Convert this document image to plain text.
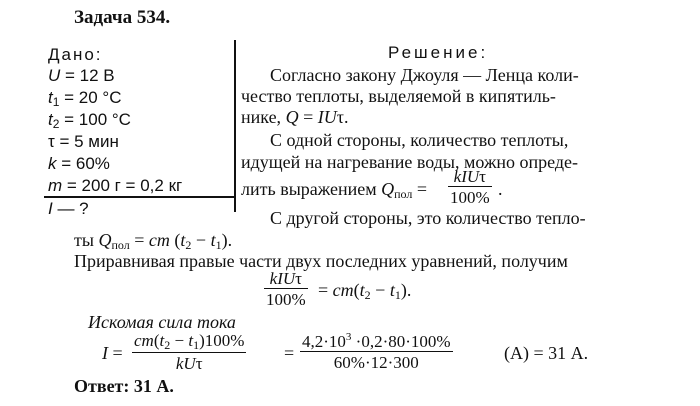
Задача 534.
Дано:
U = 12 В
$t_1 = 20$ °C
$t_2 = 100$ °C
τ = 5 мин
k = 60%
m = 200 г = 0,2 кг
I — ?
Решение:
Согласно закону Джоуля — Ленца коли-
чество теплоты, выделяемой в кипятиль-
нике, Q = IUτ.
С одной стороны, количество теплоты,
идущей на нагревание воды, можно опреде-
лить выражением $Q_{пол}$ =
kIUτ
100% .
С другой стороны, это количество тепло-
ты $Q_{пол}$ = cm $(t_2 - t_1)$.
Приравнивая правые части двух последних уравнений, получим
kIUτ
$100\% = cm(t_2 - t_1)$.
Искомая сила тока
I =
$cm(t_2 - t_1)100\%$
kUτ
= $\frac{4,2\cdot 10^3 \cdot 0,2\cdot 80\cdot 100\%}{60\%\cdot 12\cdot 300}$	(А) = 31 А.
Ответ: 31 А.
